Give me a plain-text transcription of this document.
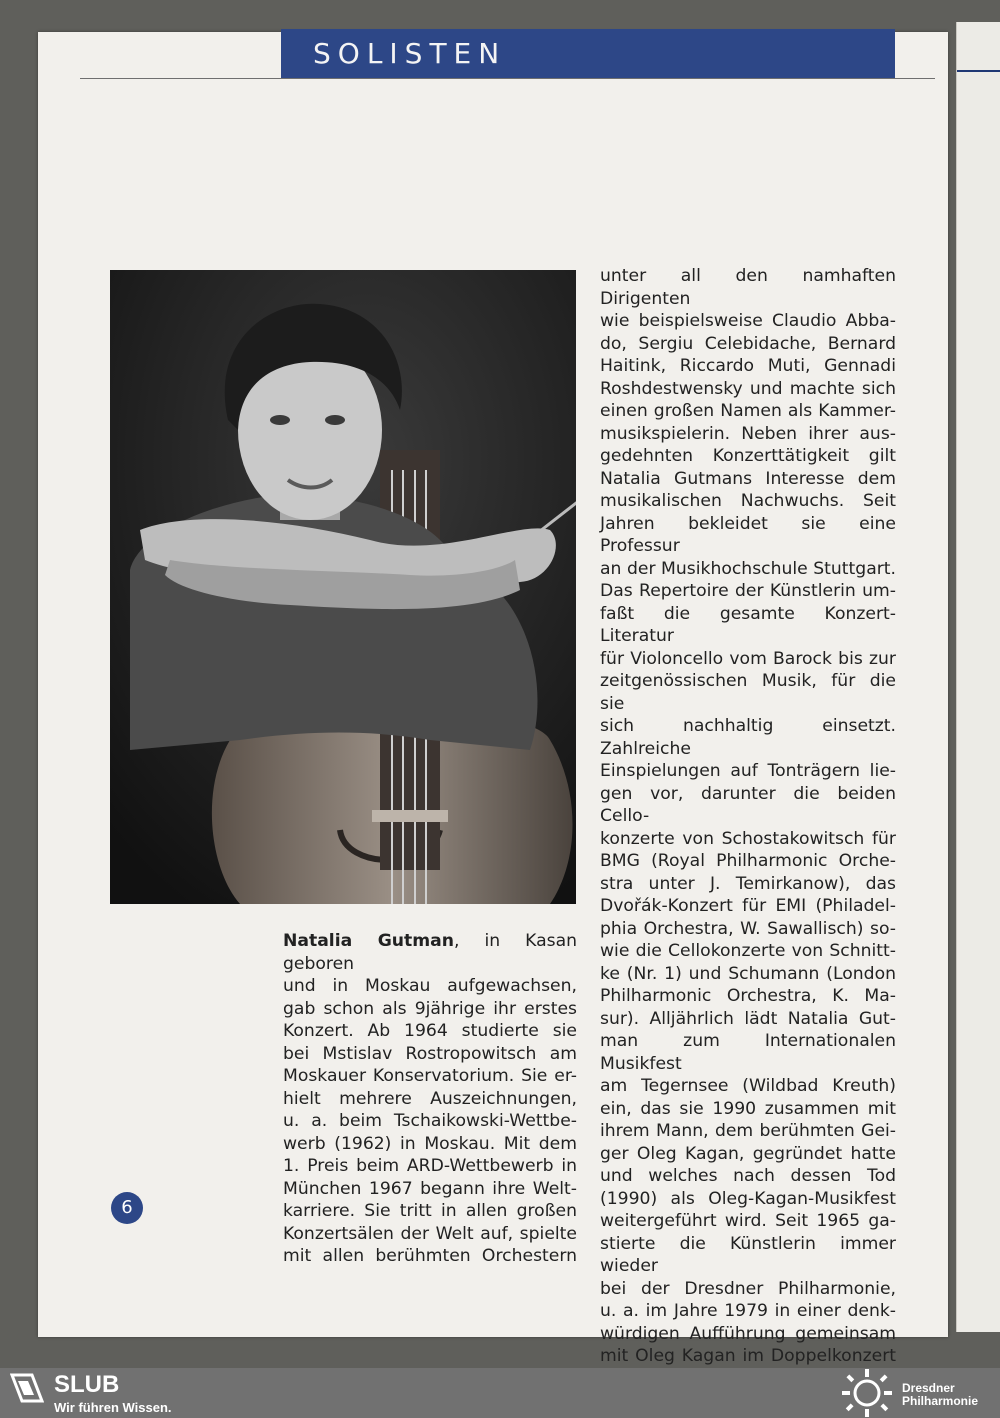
SOLISTEN
Natalia Gutman, in Kasan geboren
und in Moskau aufgewachsen,
gab schon als 9jährige ihr erstes
Konzert. Ab 1964 studierte sie
bei Mstislav Rostropowitsch am
Moskauer Konservatorium. Sie er-
hielt mehrere Auszeichnungen,
u. a. beim Tschaikowski-Wettbe-
werb (1962) in Moskau. Mit dem
1. Preis beim ARD-Wettbewerb in
München 1967 begann ihre Welt-
karriere. Sie tritt in allen großen
Konzertsälen der Welt auf, spielte
mit allen berühmten Orchestern
unter all den namhaften Dirigenten
wie beispielsweise Claudio Abba-
do, Sergiu Celebidache, Bernard
Haitink, Riccardo Muti, Gennadi
Roshdestwensky und machte sich
einen großen Namen als Kammer-
musikspielerin. Neben ihrer aus-
gedehnten Konzerttätigkeit gilt
Natalia Gutmans Interesse dem
musikalischen Nachwuchs. Seit
Jahren bekleidet sie eine Professur
an der Musikhochschule Stuttgart.
Das Repertoire der Künstlerin um-
faßt die gesamte Konzert-Literatur
für Violoncello vom Barock bis zur
zeitgenössischen Musik, für die sie
sich nachhaltig einsetzt. Zahlreiche
Einspielungen auf Tonträgern lie-
gen vor, darunter die beiden Cello-
konzerte von Schostakowitsch für
BMG (Royal Philharmonic Orche-
stra unter J. Temirkanow), das
Dvořák-Konzert für EMI (Philadel-
phia Orchestra, W. Sawallisch) so-
wie die Cellokonzerte von Schnitt-
ke (Nr. 1) und Schumann (London
Philharmonic Orchestra, K. Ma-
sur). Alljährlich lädt Natalia Gut-
man zum Internationalen Musikfest
am Tegernsee (Wildbad Kreuth)
ein, das sie 1990 zusammen mit
ihrem Mann, dem berühmten Gei-
ger Oleg Kagan, gegründet hatte
und welches nach dessen Tod
(1990) als Oleg-Kagan-Musikfest
weitergeführt wird. Seit 1965 ga-
stierte die Künstlerin immer wieder
bei der Dresdner Philharmonie,
u. a. im Jahre 1979 in einer denk-
würdigen Aufführung gemeinsam
mit Oleg Kagan im Doppelkonzert
6
SLUB
Wir führen Wissen.
Dresdner
Philharmonie
